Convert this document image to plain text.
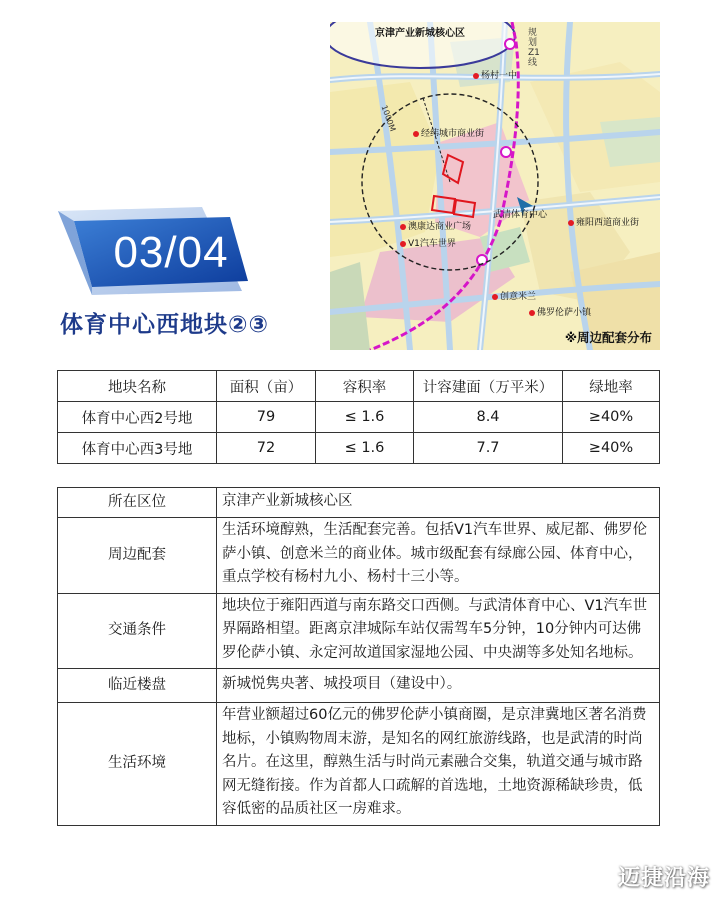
03/04
体育中心西地块②③
京津产业新城核心区	规划Z1线
1000M
杨村一中
经纬城市商业街
武清体育中心
雍阳西道商业街
澳康达商业广场
V1汽车世界
创意米兰
佛罗伦萨小镇
※周边配套分布
地块名称	面积（亩）	容积率	计容建面（万平米）	绿地率
体育中心西2号地	79	≤ 1.6	8.4	≥40%
体育中心西3号地	72	≤ 1.6	7.7	≥40%
所在区位	京津产业新城核心区
周边配套	生活环境醇熟，生活配套完善。包括V1汽车世界、威尼都、佛罗伦萨小镇、创意米兰的商业体。城市级配套有绿廊公园、体育中心，重点学校有杨村九小、杨村十三小等。
交通条件	地块位于雍阳西道与南东路交口西侧。与武清体育中心、V1汽车世界隔路相望。距离京津城际车站仅需驾车5分钟，10分钟内可达佛罗伦萨小镇、永定河故道国家湿地公园、中央湖等多处知名地标。
临近楼盘	新城悦隽央著、城投项目（建设中）。
生活环境	年营业额超过60亿元的佛罗伦萨小镇商圈，是京津冀地区著名消费地标，小镇购物周末游，是知名的网红旅游线路，也是武清的时尚名片。在这里，醇熟生活与时尚元素融合交集，轨道交通与城市路网无缝衔接。作为首都人口疏解的首选地，土地资源稀缺珍贵，低容低密的品质社区一房难求。
迈捷沿海
